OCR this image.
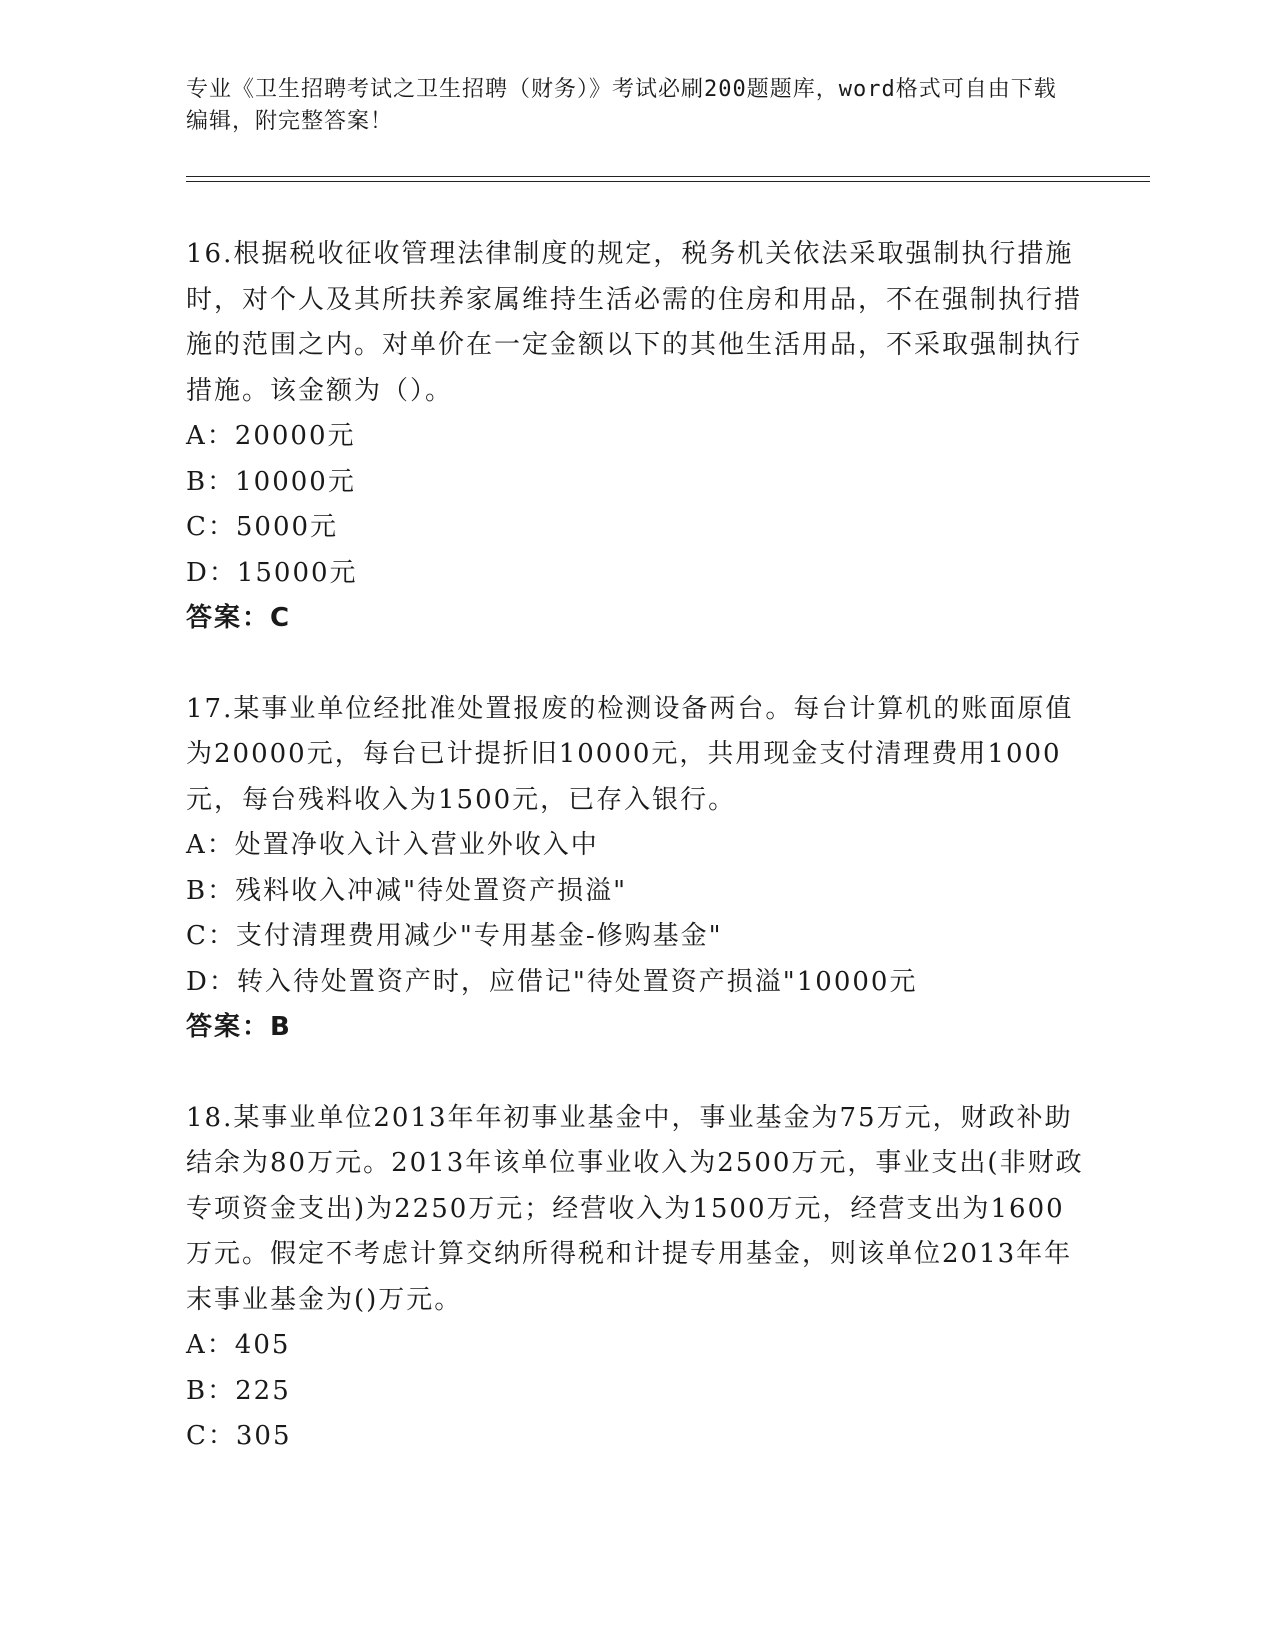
专业《卫生招聘考试之卫生招聘（财务）》考试必刷200题题库，word格式可自由下载编辑，附完整答案！
16.根据税收征收管理法律制度的规定，税务机关依法采取强制执行措施时，对个人及其所扶养家属维持生活必需的住房和用品，不在强制执行措施的范围之内。对单价在一定金额以下的其他生活用品，不采取强制执行措施。该金额为（）。
A：20000元
B：10000元
C：5000元
D：15000元
答案：C
17.某事业单位经批准处置报废的检测设备两台。每台计算机的账面原值为20000元，每台已计提折旧10000元，共用现金支付清理费用1000元，每台残料收入为1500元，已存入银行。
A：处置净收入计入营业外收入中
B：残料收入冲减"待处置资产损溢"
C：支付清理费用减少"专用基金-修购基金"
D：转入待处置资产时，应借记"待处置资产损溢"10000元
答案：B
18.某事业单位2013年年初事业基金中，事业基金为75万元，财政补助结余为80万元。2013年该单位事业收入为2500万元，事业支出(非财政专项资金支出)为2250万元；经营收入为1500万元，经营支出为1600万元。假定不考虑计算交纳所得税和计提专用基金，则该单位2013年年末事业基金为()万元。
A：405
B：225
C：305
